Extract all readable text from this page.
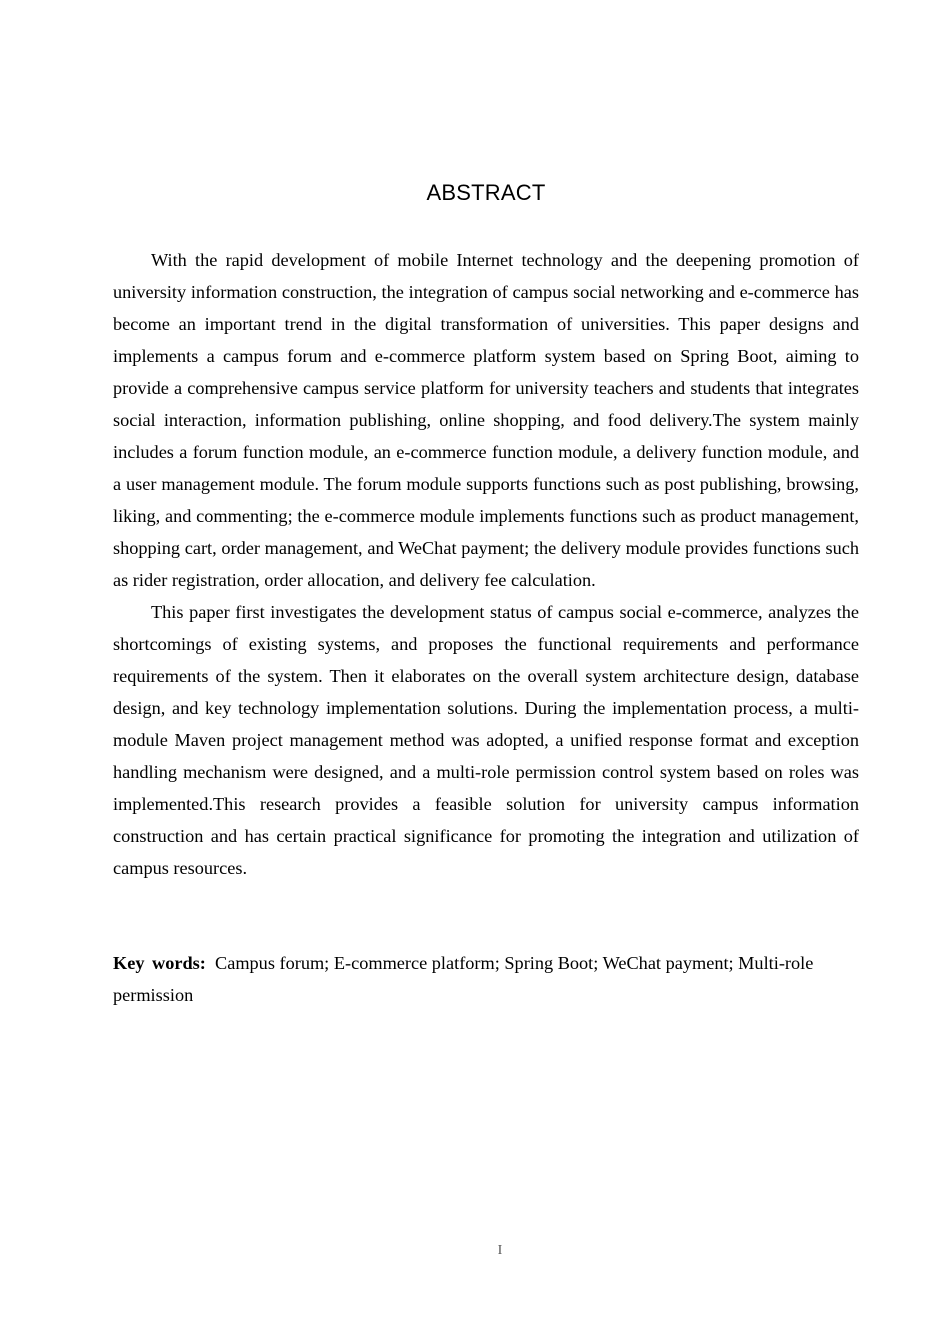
ABSTRACT

With the rapid development of mobile Internet technology and the deepening promotion of university information construction, the integration of campus social networking and e-commerce has become an important trend in the digital transformation of universities. This paper designs and implements a campus forum and e-commerce platform system based on Spring Boot, aiming to provide a comprehensive campus service platform for university teachers and students that integrates social interaction, information publishing, online shopping, and food delivery.The system mainly includes a forum function module, an e-commerce function module, a delivery function module, and a user management module. The forum module supports functions such as post publishing, browsing, liking, and commenting; the e-commerce module implements functions such as product management, shopping cart, order management, and WeChat payment; the delivery module provides functions such as rider registration, order allocation, and delivery fee calculation.

This paper first investigates the development status of campus social e-commerce, analyzes the shortcomings of existing systems, and proposes the functional requirements and performance requirements of the system. Then it elaborates on the overall system architecture design, database design, and key technology implementation solutions. During the implementation process, a multi-module Maven project management method was adopted, a unified response format and exception handling mechanism were designed, and a multi-role permission control system based on roles was implemented.This research provides a feasible solution for university campus information construction and has certain practical significance for promoting the integration and utilization of campus resources.

Key words: Campus forum; E-commerce platform; Spring Boot; WeChat payment; Multi-role permission

I
